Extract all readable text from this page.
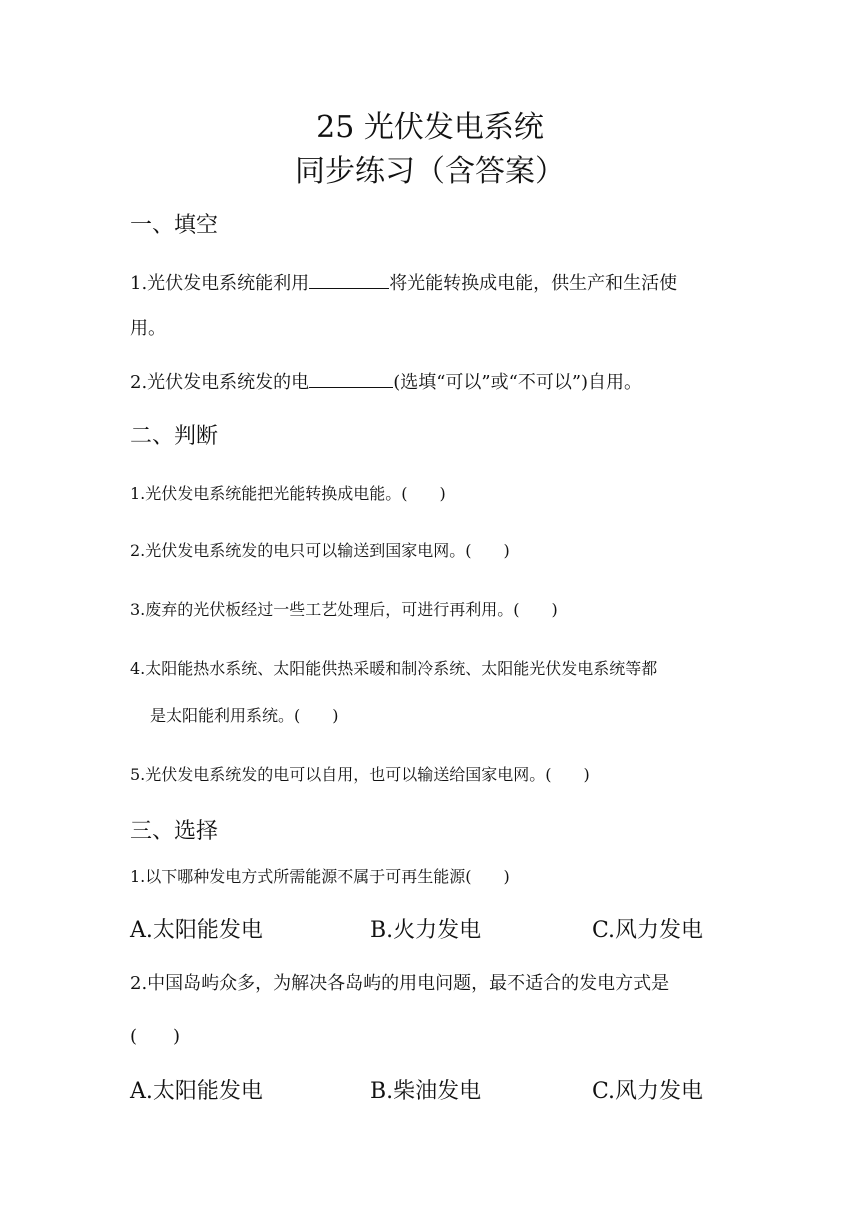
25 光伏发电系统
同步练习（含答案）
一、填空
1.光伏发电系统能利用	将光能转换成电能，供生产和生活使
用。
2.光伏发电系统发的电	(选填“可以”或“不可以”)自用。
二、判断
1.光伏发电系统能把光能转换成电能。(　　)
2.光伏发电系统发的电只可以输送到国家电网。(　　)
3.废弃的光伏板经过一些工艺处理后，可进行再利用。(　　)
4.太阳能热水系统、太阳能供热采暖和制冷系统、太阳能光伏发电系统等都
是太阳能利用系统。(　　)
5.光伏发电系统发的电可以自用，也可以输送给国家电网。(　　)
三、选择
1.以下哪种发电方式所需能源不属于可再生能源(　　)
A.太阳能发电	B.火力发电	C.风力发电
2.中国岛屿众多，为解决各岛屿的用电问题，最不适合的发电方式是
(　　)
A.太阳能发电	B.柴油发电	C.风力发电
